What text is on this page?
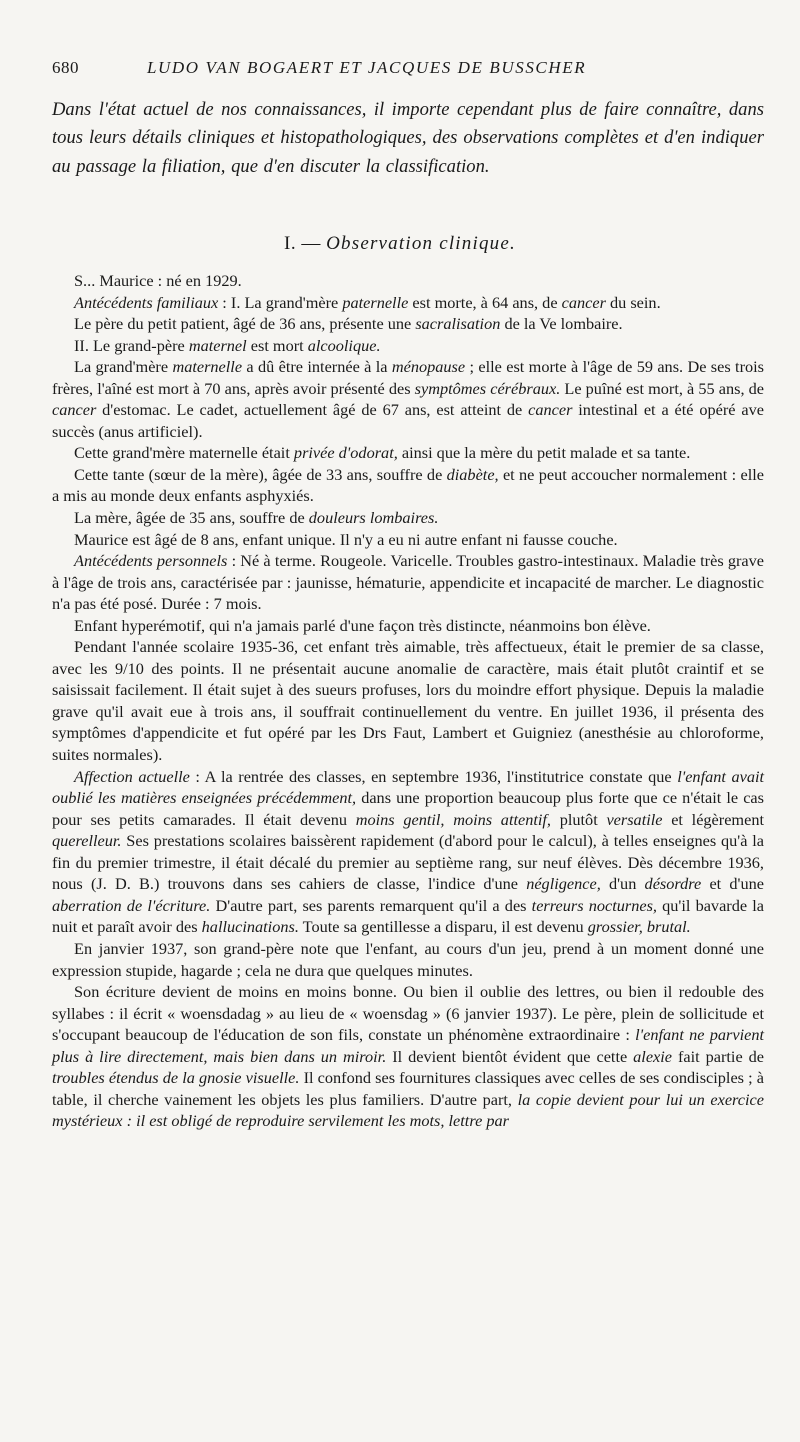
680	LUDO VAN BOGAERT ET JACQUES DE BUSSCHER
Dans l'état actuel de nos connaissances, il importe cependant plus de faire connaître, dans tous leurs détails cliniques et histopathologiques, des observations complètes et d'en indiquer au passage la filiation, que d'en discuter la classification.
I. — Observation clinique.

S... Maurice : né en 1929.

Antécédents familiaux : I. La grand'mère paternelle est morte, à 64 ans, de cancer du sein.

Le père du petit patient, âgé de 36 ans, présente une sacralisation de la Ve lombaire.

II. Le grand-père maternel est mort alcoolique.

La grand'mère maternelle a dû être internée à la ménopause ; elle est morte à l'âge de 59 ans. De ses trois frères, l'aîné est mort à 70 ans, après avoir présenté des symptômes cérébraux. Le puîné est mort, à 55 ans, de cancer d'estomac. Le cadet, actuellement âgé de 67 ans, est atteint de cancer intestinal et a été opéré ave succès (anus artificiel).

Cette grand'mère maternelle était privée d'odorat, ainsi que la mère du petit malade et sa tante.

Cette tante (sœur de la mère), âgée de 33 ans, souffre de diabète, et ne peut accoucher normalement : elle a mis au monde deux enfants asphyxiés.

La mère, âgée de 35 ans, souffre de douleurs lombaires.

Maurice est âgé de 8 ans, enfant unique. Il n'y a eu ni autre enfant ni fausse couche.

Antécédents personnels : Né à terme. Rougeole. Varicelle. Troubles gastro-intestinaux. Maladie très grave à l'âge de trois ans, caractérisée par : jaunisse, hématurie, appendicite et incapacité de marcher. Le diagnostic n'a pas été posé. Durée : 7 mois.

Enfant hyperémotif, qui n'a jamais parlé d'une façon très distincte, néanmoins bon élève.

Pendant l'année scolaire 1935-36, cet enfant très aimable, très affectueux, était le premier de sa classe, avec les 9/10 des points. Il ne présentait aucune anomalie de caractère, mais était plutôt craintif et se saisissait facilement. Il était sujet à des sueurs profuses, lors du moindre effort physique. Depuis la maladie grave qu'il avait eue à trois ans, il souffrait continuellement du ventre. En juillet 1936, il présenta des symptômes d'appendicite et fut opéré par les Drs Faut, Lambert et Guigniez (anesthésie au chloroforme, suites normales).

Affection actuelle : A la rentrée des classes, en septembre 1936, l'institutrice constate que l'enfant avait oublié les matières enseignées précédemment, dans une proportion beaucoup plus forte que ce n'était le cas pour ses petits camarades. Il était devenu moins gentil, moins attentif, plutôt versatile et légèrement querelleur. Ses prestations scolaires baissèrent rapidement (d'abord pour le calcul), à telles enseignes qu'à la fin du premier trimestre, il était décalé du premier au septième rang, sur neuf élèves. Dès décembre 1936, nous (J. D. B.) trouvons dans ses cahiers de classe, l'indice d'une négligence, d'un désordre et d'une aberration de l'écriture. D'autre part, ses parents remarquent qu'il a des terreurs nocturnes, qu'il bavarde la nuit et paraît avoir des hallucinations. Toute sa gentillesse a disparu, il est devenu grossier, brutal.

En janvier 1937, son grand-père note que l'enfant, au cours d'un jeu, prend à un moment donné une expression stupide, hagarde ; cela ne dura que quelques minutes.

Son écriture devient de moins en moins bonne. Ou bien il oublie des lettres, ou bien il redouble des syllabes : il écrit « woensdadag » au lieu de « woensdag » (6 janvier 1937). Le père, plein de sollicitude et s'occupant beaucoup de l'éducation de son fils, constate un phénomène extraordinaire : l'enfant ne parvient plus à lire directement, mais bien dans un miroir. Il devient bientôt évident que cette alexie fait partie de troubles étendus de la gnosie visuelle. Il confond ses fournitures classiques avec celles de ses condisciples ; à table, il cherche vainement les objets les plus familiers. D'autre part, la copie devient pour lui un exercice mystérieux : il est obligé de reproduire servilement les mots, lettre par
